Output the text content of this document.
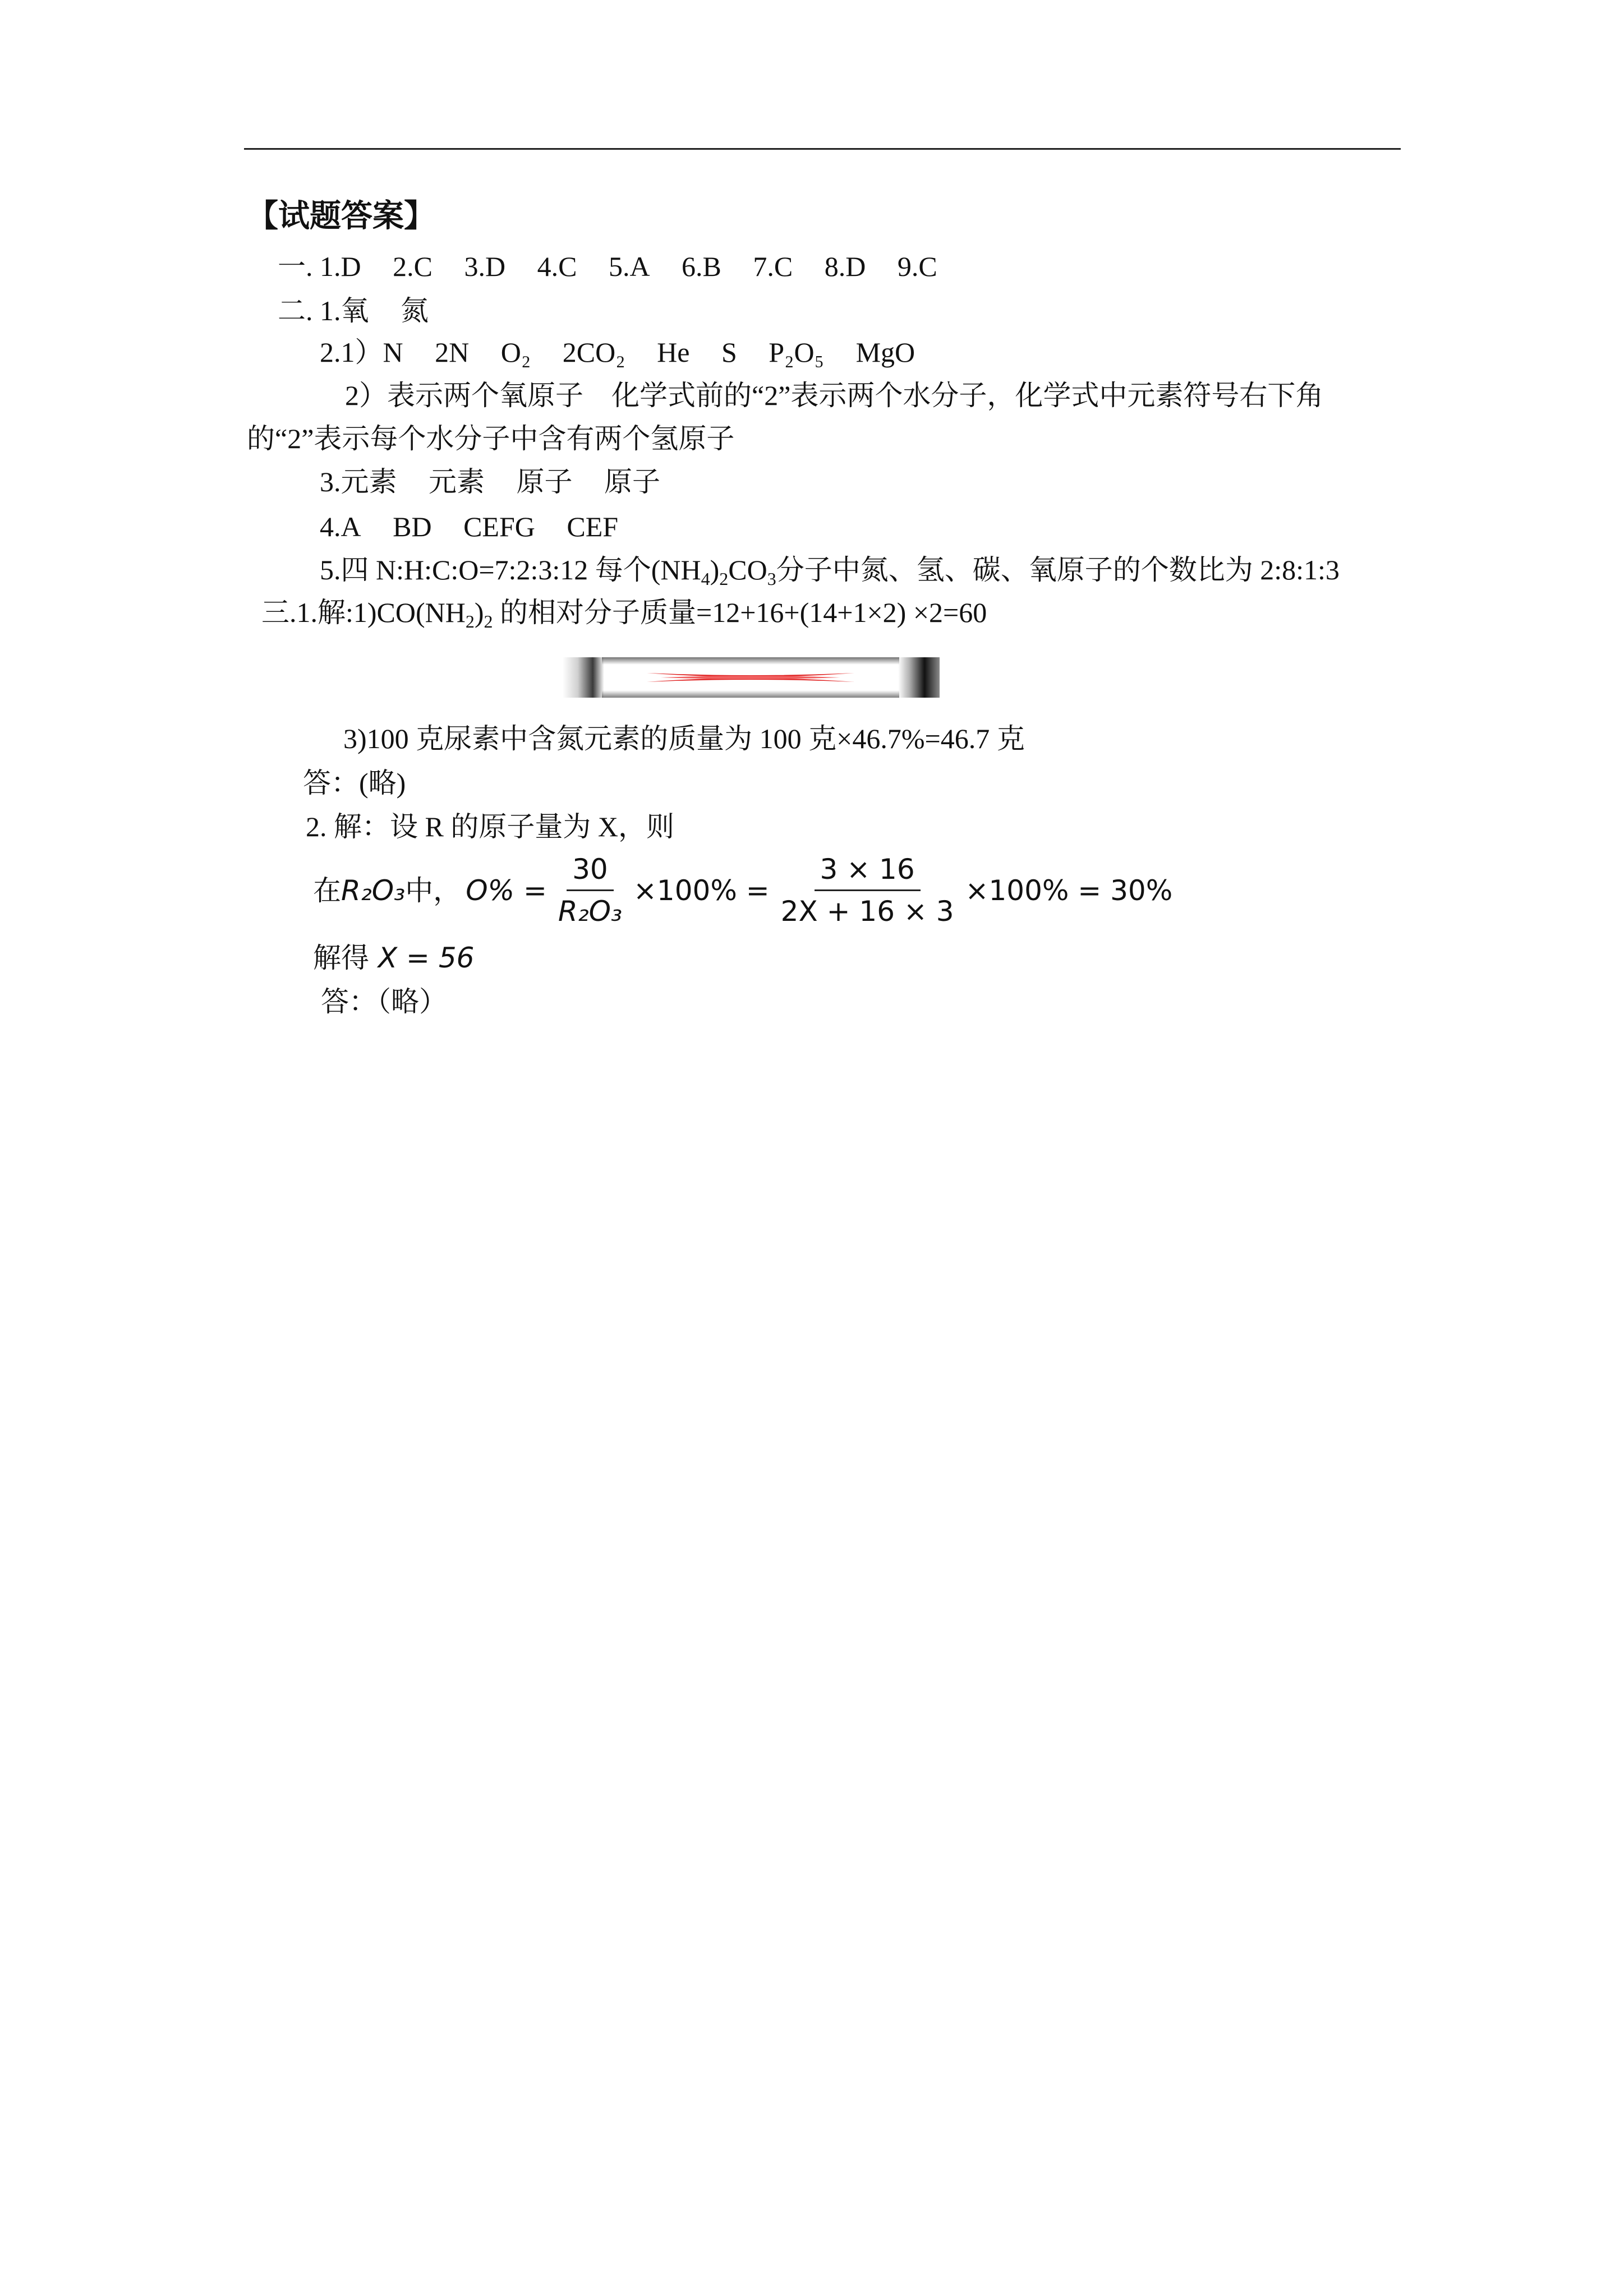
【试题答案】
一. 1.D 2.C 3.D 4.C 5.A 6.B 7.C 8.D 9.C
二. 1.氧 氮
2.1）N 2N O₂ 2CO₂ He S P₂O₅ MgO
2）表示两个氧原子　化学式前的“2”表示两个水分子，化学式中元素符号右下角
的“2”表示每个水分子中含有两个氢原子
3.元素 元素 原子 原子
4.A BD CEFG CEF
5.四 N:H:C:O=7:2:3:12 每个$(NH_4)_2CO_3$分子中氮、氢、碳、氧原子的个数比为 2:8:1:3
三.1.解$:1)CO(NH_2)_2$ 的相对分子质量=12+16+(14+1×2) ×2=60
3)100 克尿素中含氮元素的质量为 100 克×46.7%=46.7 克
答：(略)
2. 解：设 R 的原子量为 X，则
在 R₂O₃ 中， $O\% = \frac{30}{\text{R₂O₃}} \times 100\% = \frac{3 \times 16}{2X + 16 \times 3} \times 100\% = 30\%$
解得 X = 56
答：（略）
